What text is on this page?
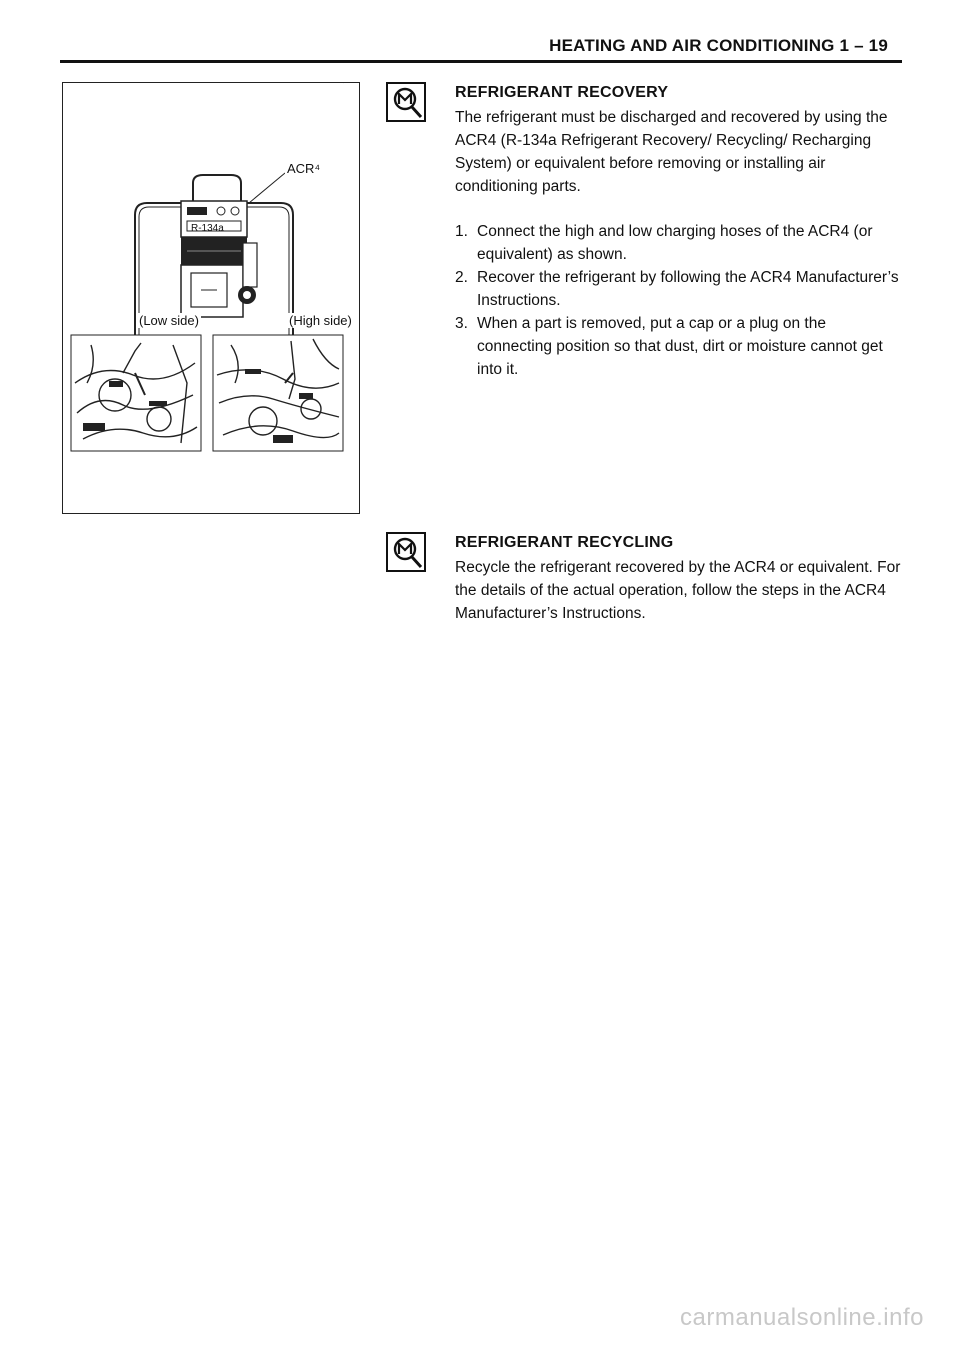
HEATING AND AIR CONDITIONING 1 – 19
ACR⁴
R-134a
(Low side)	(High side)
REFRIGERANT RECOVERY

The refrigerant must be discharged and recovered by using the ACR4 (R-134a Refrigerant Recovery/ Recycling/ Recharging System) or equivalent before removing or installing air conditioning parts.

1. Connect the high and low charging hoses of the ACR4 (or equivalent) as shown.
2. Recover the refrigerant by following the ACR4 Manufacturer’s Instructions.
3. When a part is removed, put a cap or a plug on the connecting position so that dust, dirt or moisture cannot get into it.
REFRIGERANT RECYCLING

Recycle the refrigerant recovered by the ACR4 or equivalent. For the details of the actual operation, follow the steps in the ACR4 Manufacturer’s Instructions.

carmanualsonline.info
